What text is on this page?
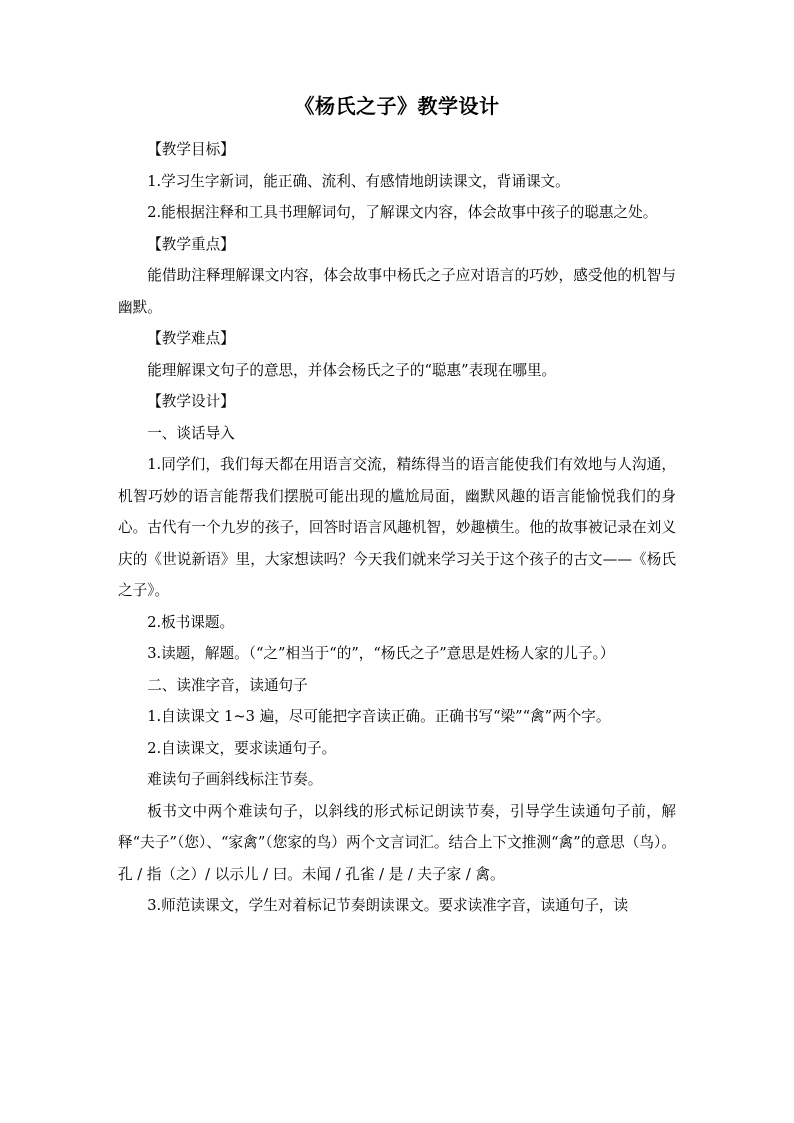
《杨氏之子》教学设计

【教学目标】

1.学习生字新词，能正确、流利、有感情地朗读课文，背诵课文。

2.能根据注释和工具书理解词句，了解课文内容，体会故事中孩子的聪惠之处。

【教学重点】

能借助注释理解课文内容，体会故事中杨氏之子应对语言的巧妙，感受他的机智与幽默。

【教学难点】

能理解课文句子的意思，并体会杨氏之子的“聪惠”表现在哪里。

【教学设计】

一、谈话导入

1.同学们，我们每天都在用语言交流，精练得当的语言能使我们有效地与人沟通，机智巧妙的语言能帮我们摆脱可能出现的尴尬局面，幽默风趣的语言能愉悦我们的身心。古代有一个九岁的孩子，回答时语言风趣机智，妙趣横生。他的故事被记录在刘义庆的《世说新语》里，大家想读吗？今天我们就来学习关于这个孩子的古文——《杨氏之子》。

2.板书课题。

3.读题，解题。（“之”相当于“的”，“杨氏之子”意思是姓杨人家的儿子。）

二、读准字音，读通句子

1.自读课文 1~3 遍，尽可能把字音读正确。正确书写“梁”“禽”两个字。

2.自读课文，要求读通句子。

难读句子画斜线标注节奏。

板书文中两个难读句子，以斜线的形式标记朗读节奏，引导学生读通句子前，解释“夫子”（您）、“家禽”（您家的鸟）两个文言词汇。结合上下文推测“禽”的意思（鸟）。孔 / 指（之）/ 以示儿 / 曰。未闻 / 孔雀 / 是 / 夫子家 / 禽。

3.师范读课文，学生对着标记节奏朗读课文。要求读准字音，读通句子，读
